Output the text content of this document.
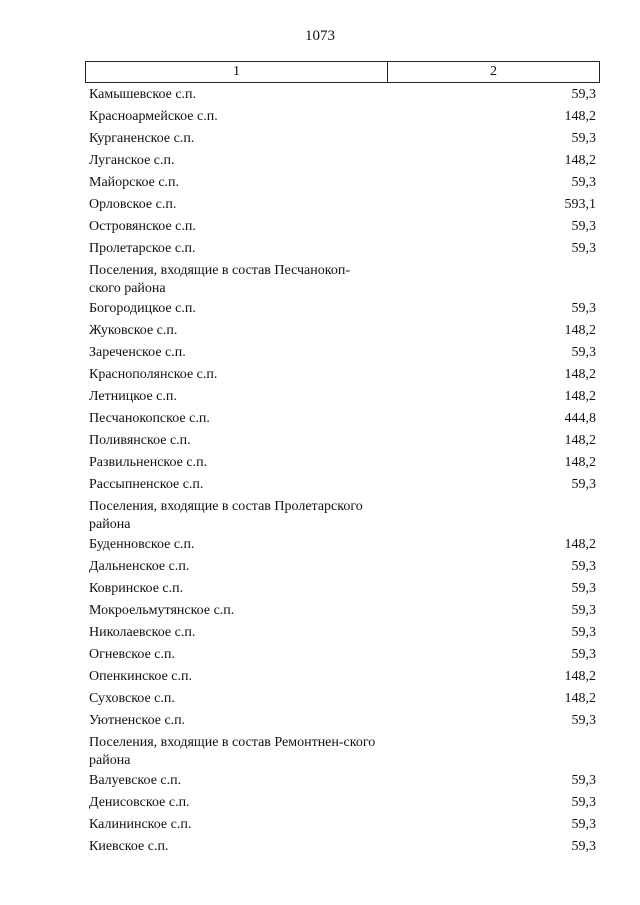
1073
1	2
Камышевское с.п.	59,3
Красноармейское с.п.	148,2
Курганенское с.п.	59,3
Луганское с.п.	148,2
Майорское с.п.	59,3
Орловское с.п.	593,1
Островянское с.п.	59,3
Пролетарское с.п.	59,3
Поселения, входящие в состав Песчанокоп-ского района
Богородицкое с.п.	59,3
Жуковское с.п.	148,2
Зареченское с.п.	59,3
Краснополянское с.п.	148,2
Летницкое с.п.	148,2
Песчанокопское с.п.	444,8
Поливянское с.п.	148,2
Развильненское с.п.	148,2
Рассыпненское с.п.	59,3
Поселения, входящие в состав Пролетарского района
Буденновское с.п.	148,2
Дальненское с.п.	59,3
Ковринское с.п.	59,3
Мокроельмутянское с.п.	59,3
Николаевское с.п.	59,3
Огневское с.п.	59,3
Опенкинское с.п.	148,2
Суховское с.п.	148,2
Уютненское с.п.	59,3
Поселения, входящие в состав Ремонтнен-ского района
Валуевское с.п.	59,3
Денисовское с.п.	59,3
Калининское с.п.	59,3
Киевское с.п.	59,3
